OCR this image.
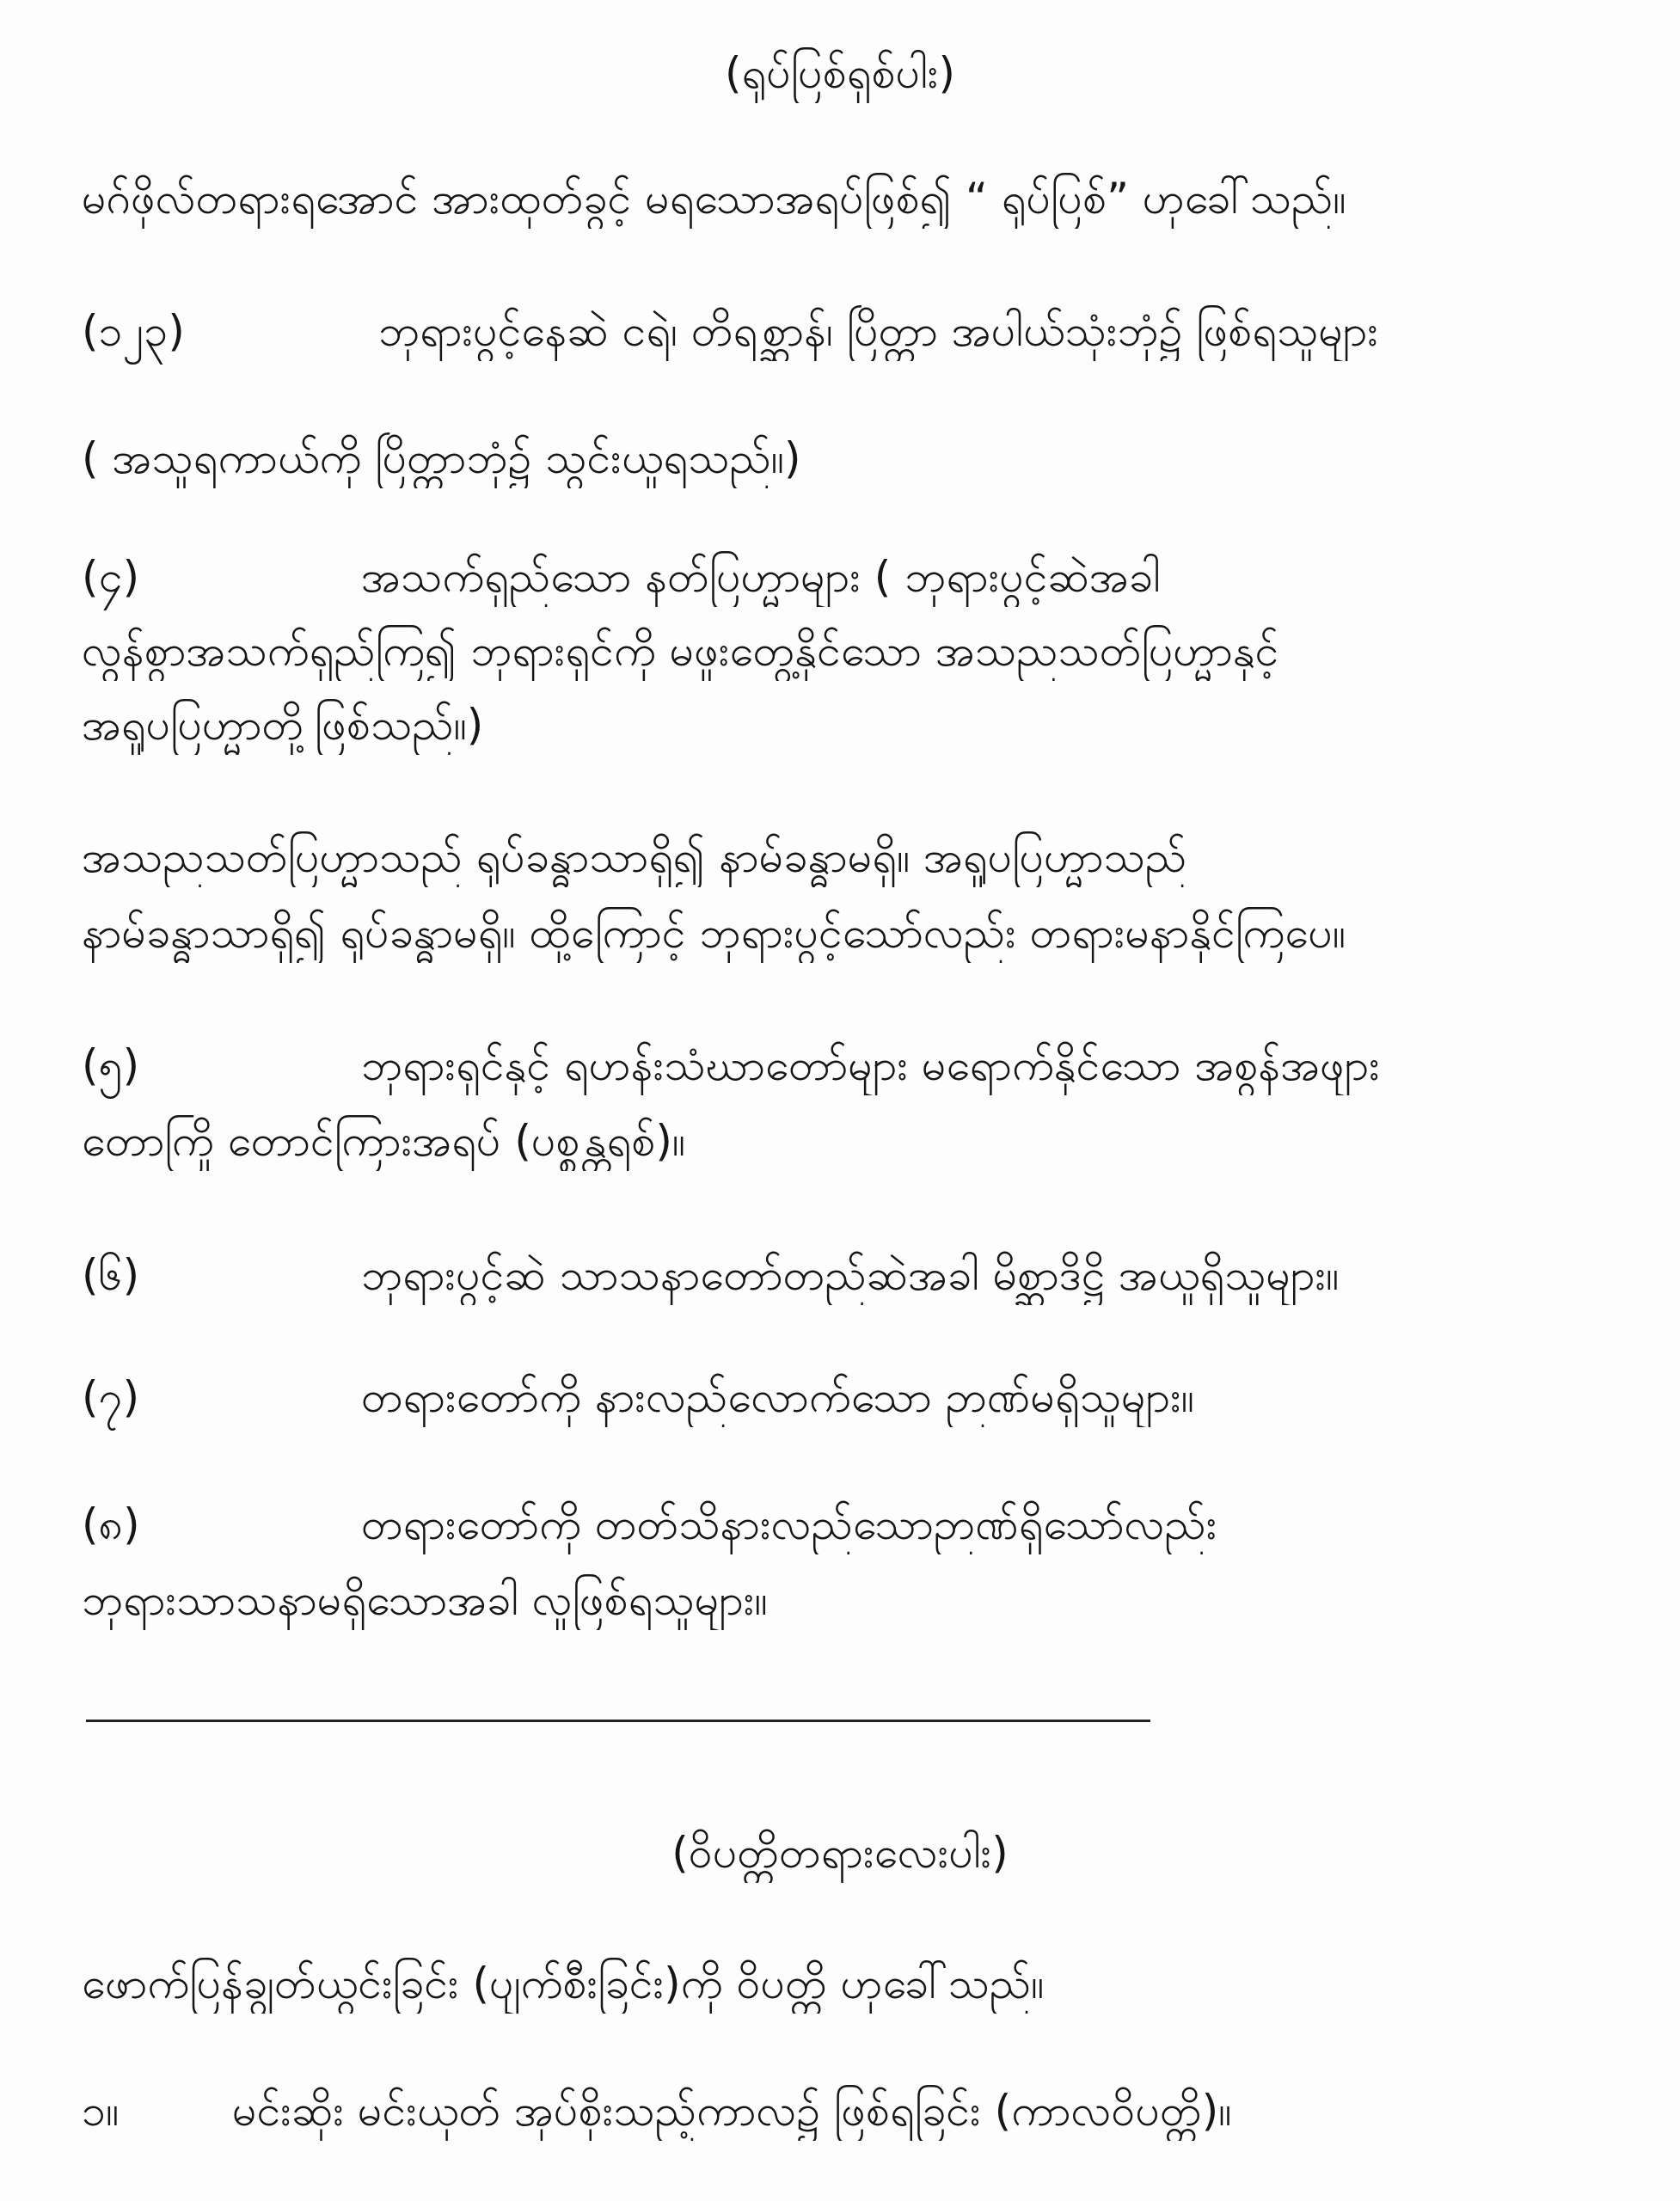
(ရုပ်ပြစ်ရှစ်ပါး)
မဂ်ဖိုလ်တရားရအောင် အားထုတ်ခွင့် မရသောအရပ်ဖြစ်၍ “ ရုပ်ပြစ်” ဟုခေါ်သည်။
(၁၂၃)	ဘုရားပွင့်နေဆဲ ငရဲ၊ တိရစ္ဆာန်၊ ပြိတ္တာ အပါယ်သုံးဘုံ၌ ဖြစ်ရသူများ
( အသူရကာယ်ကို ပြိတ္တာဘုံ၌ သွင်းယူရသည်။)
(၄)	အသက်ရှည်သော နတ်ပြဟ္မာများ ( ဘုရားပွင့်ဆဲအခါ
လွန်စွာအသက်ရှည်ကြ၍ ဘုရားရှင်ကို မဖူးတွေ့နိုင်သော အသညသတ်ပြဟ္မာနှင့်
အရူပပြဟ္မာတို့ဖြစ်သည်။)
အသညသတ်ပြဟ္မာသည် ရုပ်ခန္ဓာသာရှိ၍ နာမ်ခန္ဓာမရှိ။ အရူပပြဟ္မာသည်
နာမ်ခန္ဓာသာရှိ၍ ရုပ်ခန္ဓာမရှိ။ ထို့ကြောင့် ဘုရားပွင့်သော်လည်း တရားမနာနိုင်ကြပေ။
(၅)	ဘုရားရှင်နှင့် ရဟန်းသံဃာတော်များ မရောက်နိုင်သော အစွန်အဖျား
တောကြို တောင်ကြားအရပ် (ပစ္စန္တရစ်)။
(၆)	ဘုရားပွင့်ဆဲ သာသနာတော်တည်ဆဲအခါ မိစ္ဆာဒိဋ္ဌိ အယူရှိသူများ။
(၇)	တရားတော်ကို နားလည်လောက်သော ဉာဏ်မရှိသူများ။
(၈)	တရားတော်ကို တတ်သိနားလည်သောဉာဏ်ရှိသော်လည်း
ဘုရားသာသနာမရှိသောအခါ လူဖြစ်ရသူများ။
(ဝိပတ္တိတရားလေးပါး)
ဖောက်ပြန်ချွတ်ယွင်းခြင်း (ပျက်စီးခြင်း)ကို ဝိပတ္တိ ဟုခေါ်သည်။
၁။	မင်းဆိုး မင်းယုတ် အုပ်စိုးသည့်ကာလ၌ ဖြစ်ရခြင်း (ကာလဝိပတ္တိ)။
